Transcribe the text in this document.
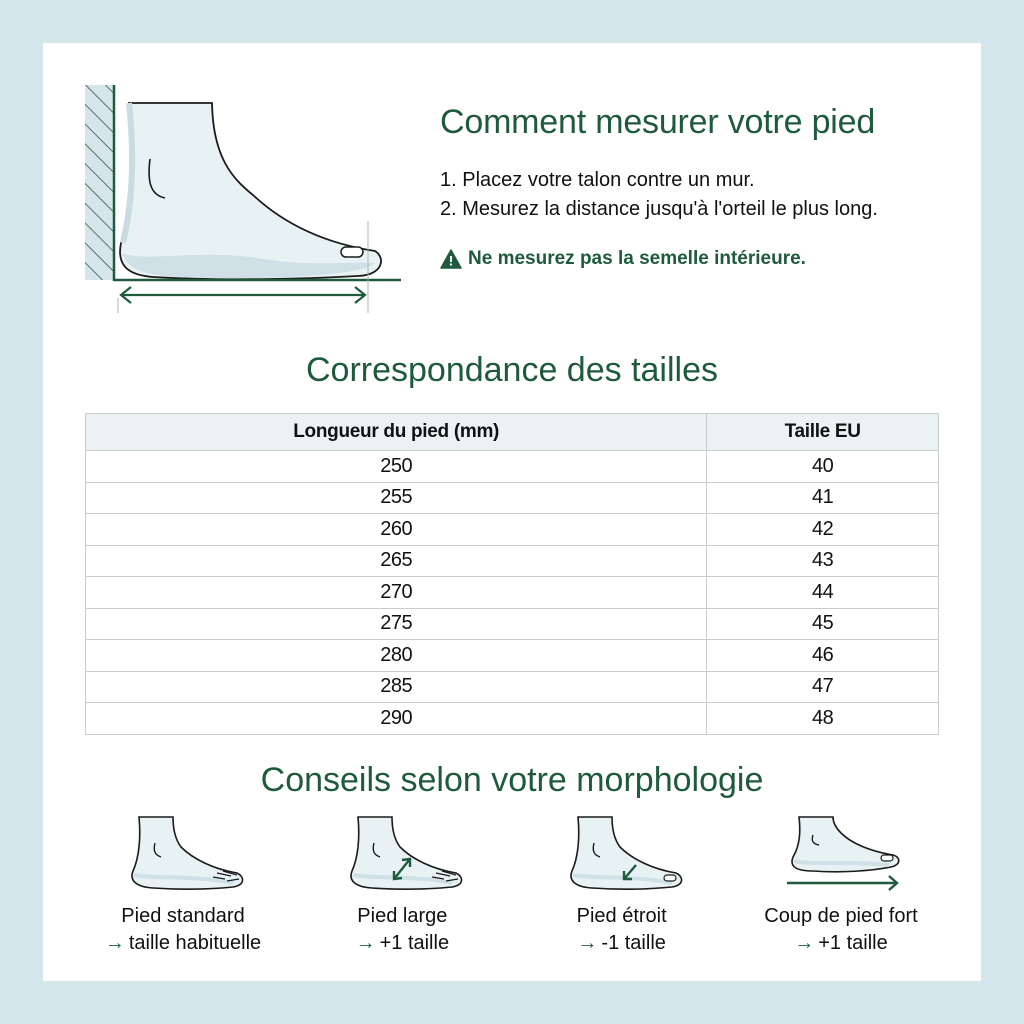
Comment mesurer votre pied
1. Placez votre talon contre un mur.
2. Mesurez la distance jusqu'à l'orteil le plus long.
Ne mesurez pas la semelle intérieure.
Correspondance des tailles
Longueur du pied (mm)	Taille EU
250	40
255	41
260	42
265	43
270	44
275	45
280	46
285	47
290	48
Conseils selon votre morphologie
Pied standard
→ taille habituelle
Pied large
→ +1 taille
Pied étroit
→ -1 taille
Coup de pied fort
→ +1 taille
